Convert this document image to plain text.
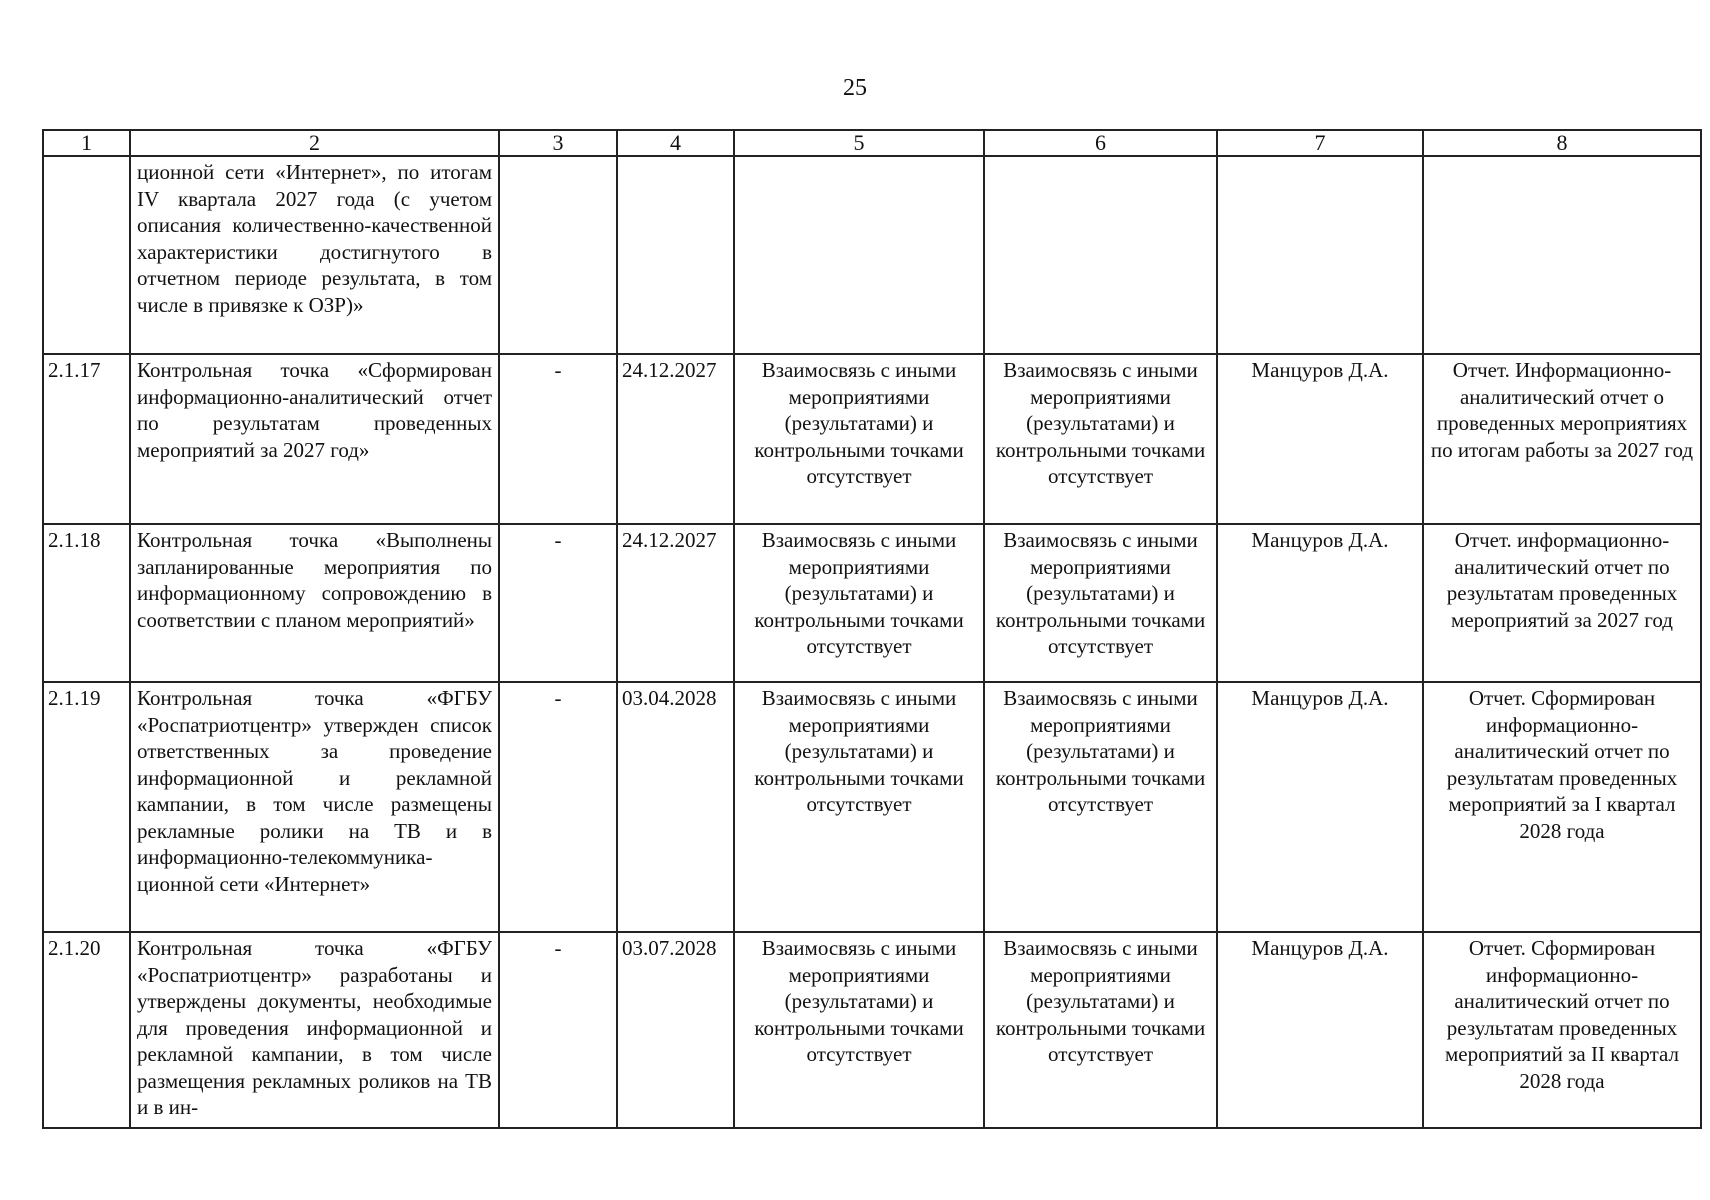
25
1	2	3	4	5	6	7	8
	ционной сети «Интернет», по итогам IV квартала 2027 года (с учетом описания количественно-качественной характеристики достигнутого в отчетном периоде результата, в том числе в привязке к ОЗР)»						
2.1.17	Контрольная точка «Сформирован информационно-аналитический отчет по результатам проведенных мероприятий за 2027 год»	-	24.12.2027	Взаимосвязь с иными мероприятиями (результатами) и контрольными точками отсутствует	Взаимосвязь с иными мероприятиями (результатами) и контрольными точками отсутствует	Манцуров Д.А.	Отчет. Информационно-аналитический отчет о проведенных мероприятиях по итогам работы за 2027 год
2.1.18	Контрольная точка «Выполнены запланированные мероприятия по информационному сопровождению в соответствии с планом мероприятий»	-	24.12.2027	Взаимосвязь с иными мероприятиями (результатами) и контрольными точками отсутствует	Взаимосвязь с иными мероприятиями (результатами) и контрольными точками отсутствует	Манцуров Д.А.	Отчет. информационно-аналитический отчет по результатам проведенных мероприятий за 2027 год
2.1.19	Контрольная точка «ФГБУ «Роспатриотцентр» утвержден список ответственных за проведение информационной и рекламной кампании, в том числе размещены рекламные ролики на ТВ и в информационно-телекоммуника-ционной сети «Интернет»	-	03.04.2028	Взаимосвязь с иными мероприятиями (результатами) и контрольными точками отсутствует	Взаимосвязь с иными мероприятиями (результатами) и контрольными точками отсутствует	Манцуров Д.А.	Отчет. Сформирован информационно-аналитический отчет по результатам проведенных мероприятий за I квартал 2028 года
2.1.20	Контрольная точка «ФГБУ «Роспатриотцентр» разработаны и утверждены документы, необходимые для проведения информационной и рекламной кампании, в том числе размещения рекламных роликов на ТВ и в ин-	-	03.07.2028	Взаимосвязь с иными мероприятиями (результатами) и контрольными точками отсутствует	Взаимосвязь с иными мероприятиями (результатами) и контрольными точками отсутствует	Манцуров Д.А.	Отчет. Сформирован информационно-аналитический отчет по результатам проведенных мероприятий за II квартал 2028 года
